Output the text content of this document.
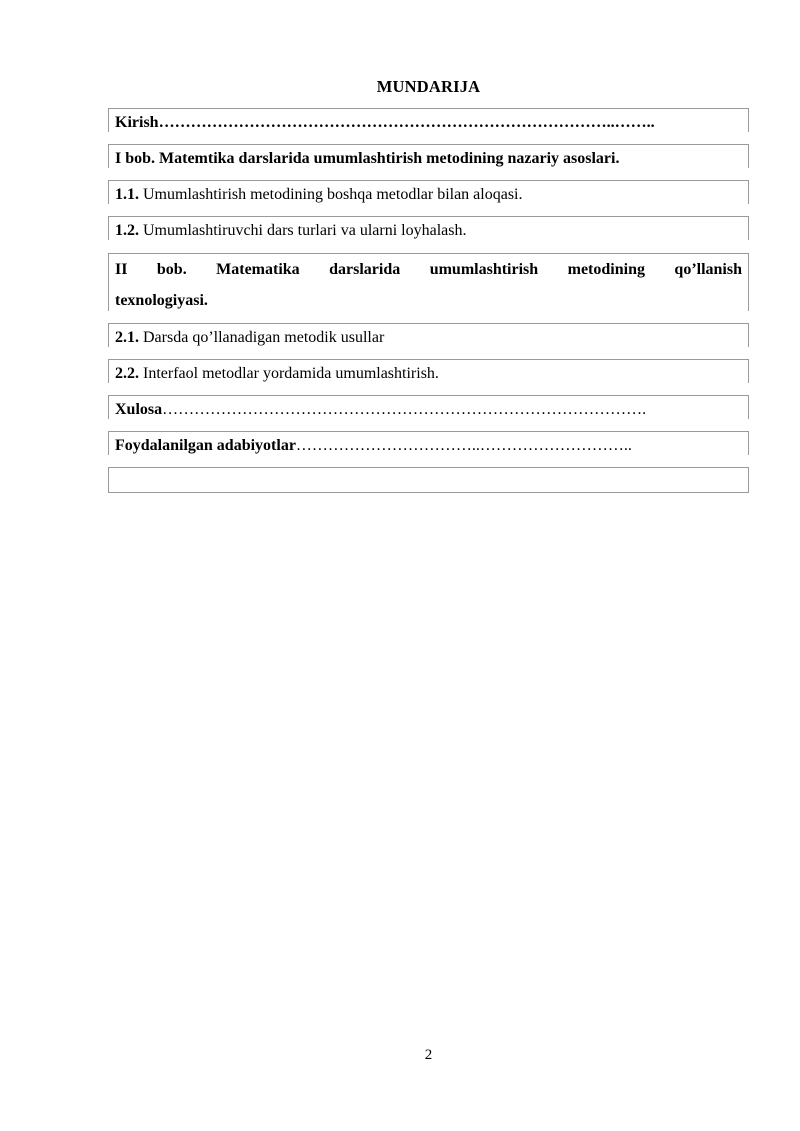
MUNDARIJA
Kirish…………………………………………………………………………..……..
I bob. Matemtika darslarida umumlashtirish metodining nazariy asoslari.
1.1. Umumlashtirish metodining boshqa metodlar bilan aloqasi.
1.2. Umumlashtiruvchi dars turlari va ularni loyhalash.
II bob. Matematika darslarida umumlashtirish metodining qo’llanish
texnologiyasi.
2.1. Darsda qo’llanadigan metodik usullar
2.2. Interfaol metodlar yordamida umumlashtirish.
Xulosa……………………………………………………………………………….
Foydalanilgan adabiyotlar……………………………..………………………..
2
